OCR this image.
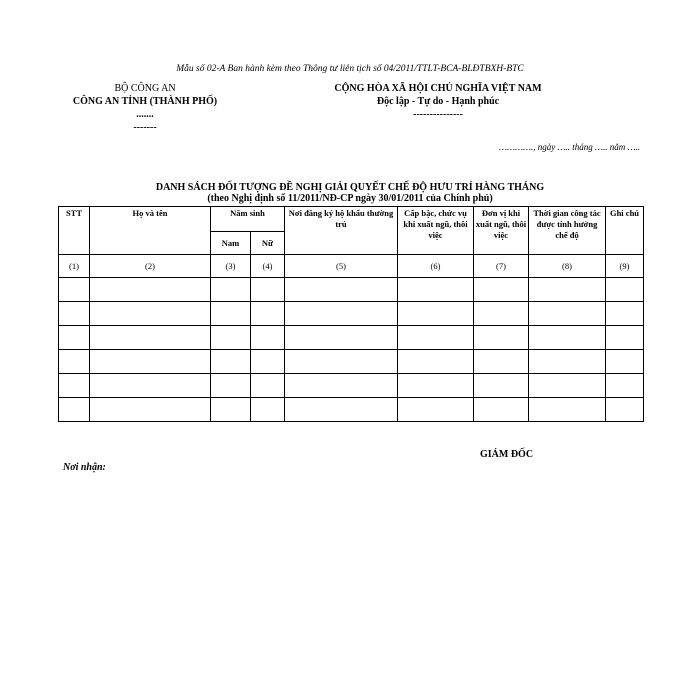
Mẫu số 02-A Ban hành kèm theo Thông tư liên tịch số 04/2011/TTLT-BCA-BLĐTBXH-BTC
BỘ CÔNG AN
CÔNG AN TỈNH (THÀNH PHỐ)
.......
-------
CỘNG HÒA XÃ HỘI CHỦ NGHĨA VIỆT NAM
Độc lập - Tự do - Hạnh phúc
---------------
…………., ngày ….. tháng ….. năm …..
DANH SÁCH ĐỐI TƯỢNG ĐỀ NGHỊ GIẢI QUYẾT CHẾ ĐỘ HƯU TRÍ HÀNG THÁNG
(theo Nghị định số 11/2011/NĐ-CP ngày 30/01/2011 của Chính phủ)
STT	Họ và tên	Năm sinh		Nơi đăng ký hộ khẩu thường trú	Cấp bậc, chức vụ khi xuất ngũ, thôi việc	Đơn vị khi xuất ngũ, thôi việc	Thời gian công tác được tính hưởng chế độ	Ghi chú
		Nam	Nữ					
(1)	(2)	(3)	(4)	(5)	(6)	(7)	(8)	(9)

GIÁM ĐỐC
Nơi nhận:
